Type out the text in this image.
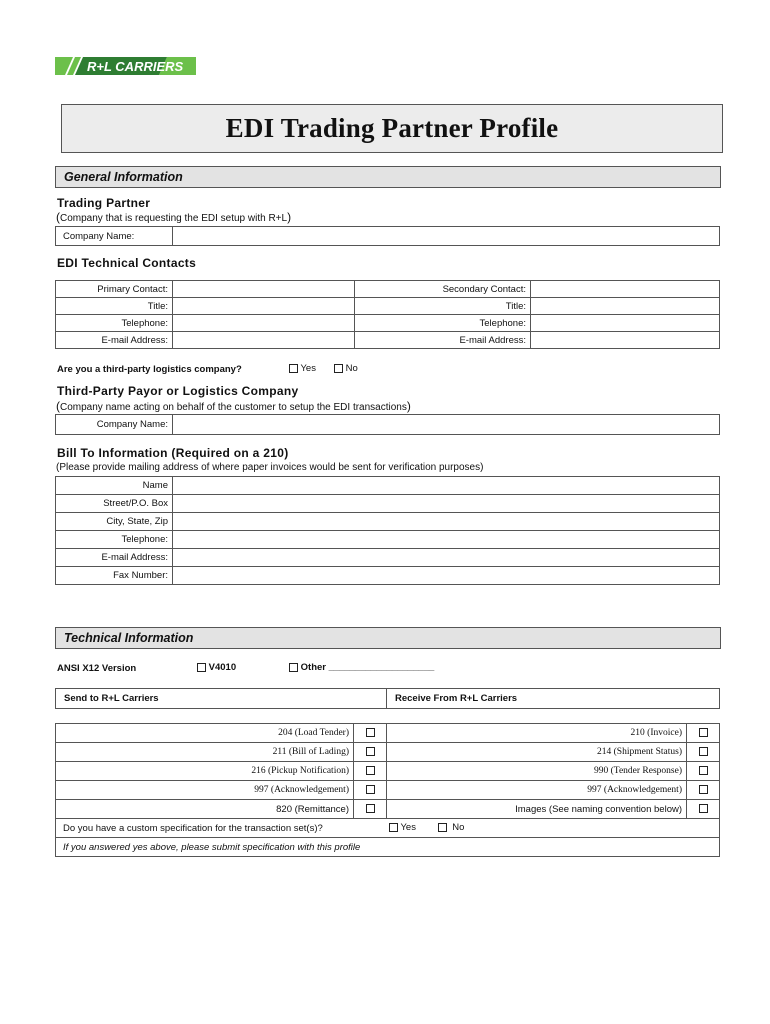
R+L CARRIERS
EDI Trading Partner Profile
General Information
Trading Partner
(Company that is requesting the EDI setup with R+L)
Company Name:	
EDI Technical Contacts
Primary Contact:		Secondary Contact:	
Title:		Title:	
Telephone:		Telephone:	
E-mail Address:		E-mail Address:	
Are you a third-party logistics company?	Yes	No
Third-Party Payor or Logistics Company
(Company name acting on behalf of the customer to setup the EDI transactions)
Company Name:	
Bill To Information (Required on a 210)
(Please provide mailing address of where paper invoices would be sent for verification purposes)
Name	
Street/P.O. Box	
City, State, Zip	
Telephone:	
E-mail Address:	
Fax Number:	
Technical Information
ANSI X12 Version	V4010	Other ____________________
Send to R+L Carriers	Receive From R+L Carriers
204 (Load Tender)		210 (Invoice)	
211 (Bill of Lading)		214 (Shipment Status)	
216 (Pickup Notification)		990 (Tender Response)	
997 (Acknowledgement)		997 (Acknowledgement)	
820 (Remittance)		Images (See naming convention below)	
Do you have a custom specification for the transaction set(s)? Yes No			

If you answered yes above, please submit specification with this profile			
